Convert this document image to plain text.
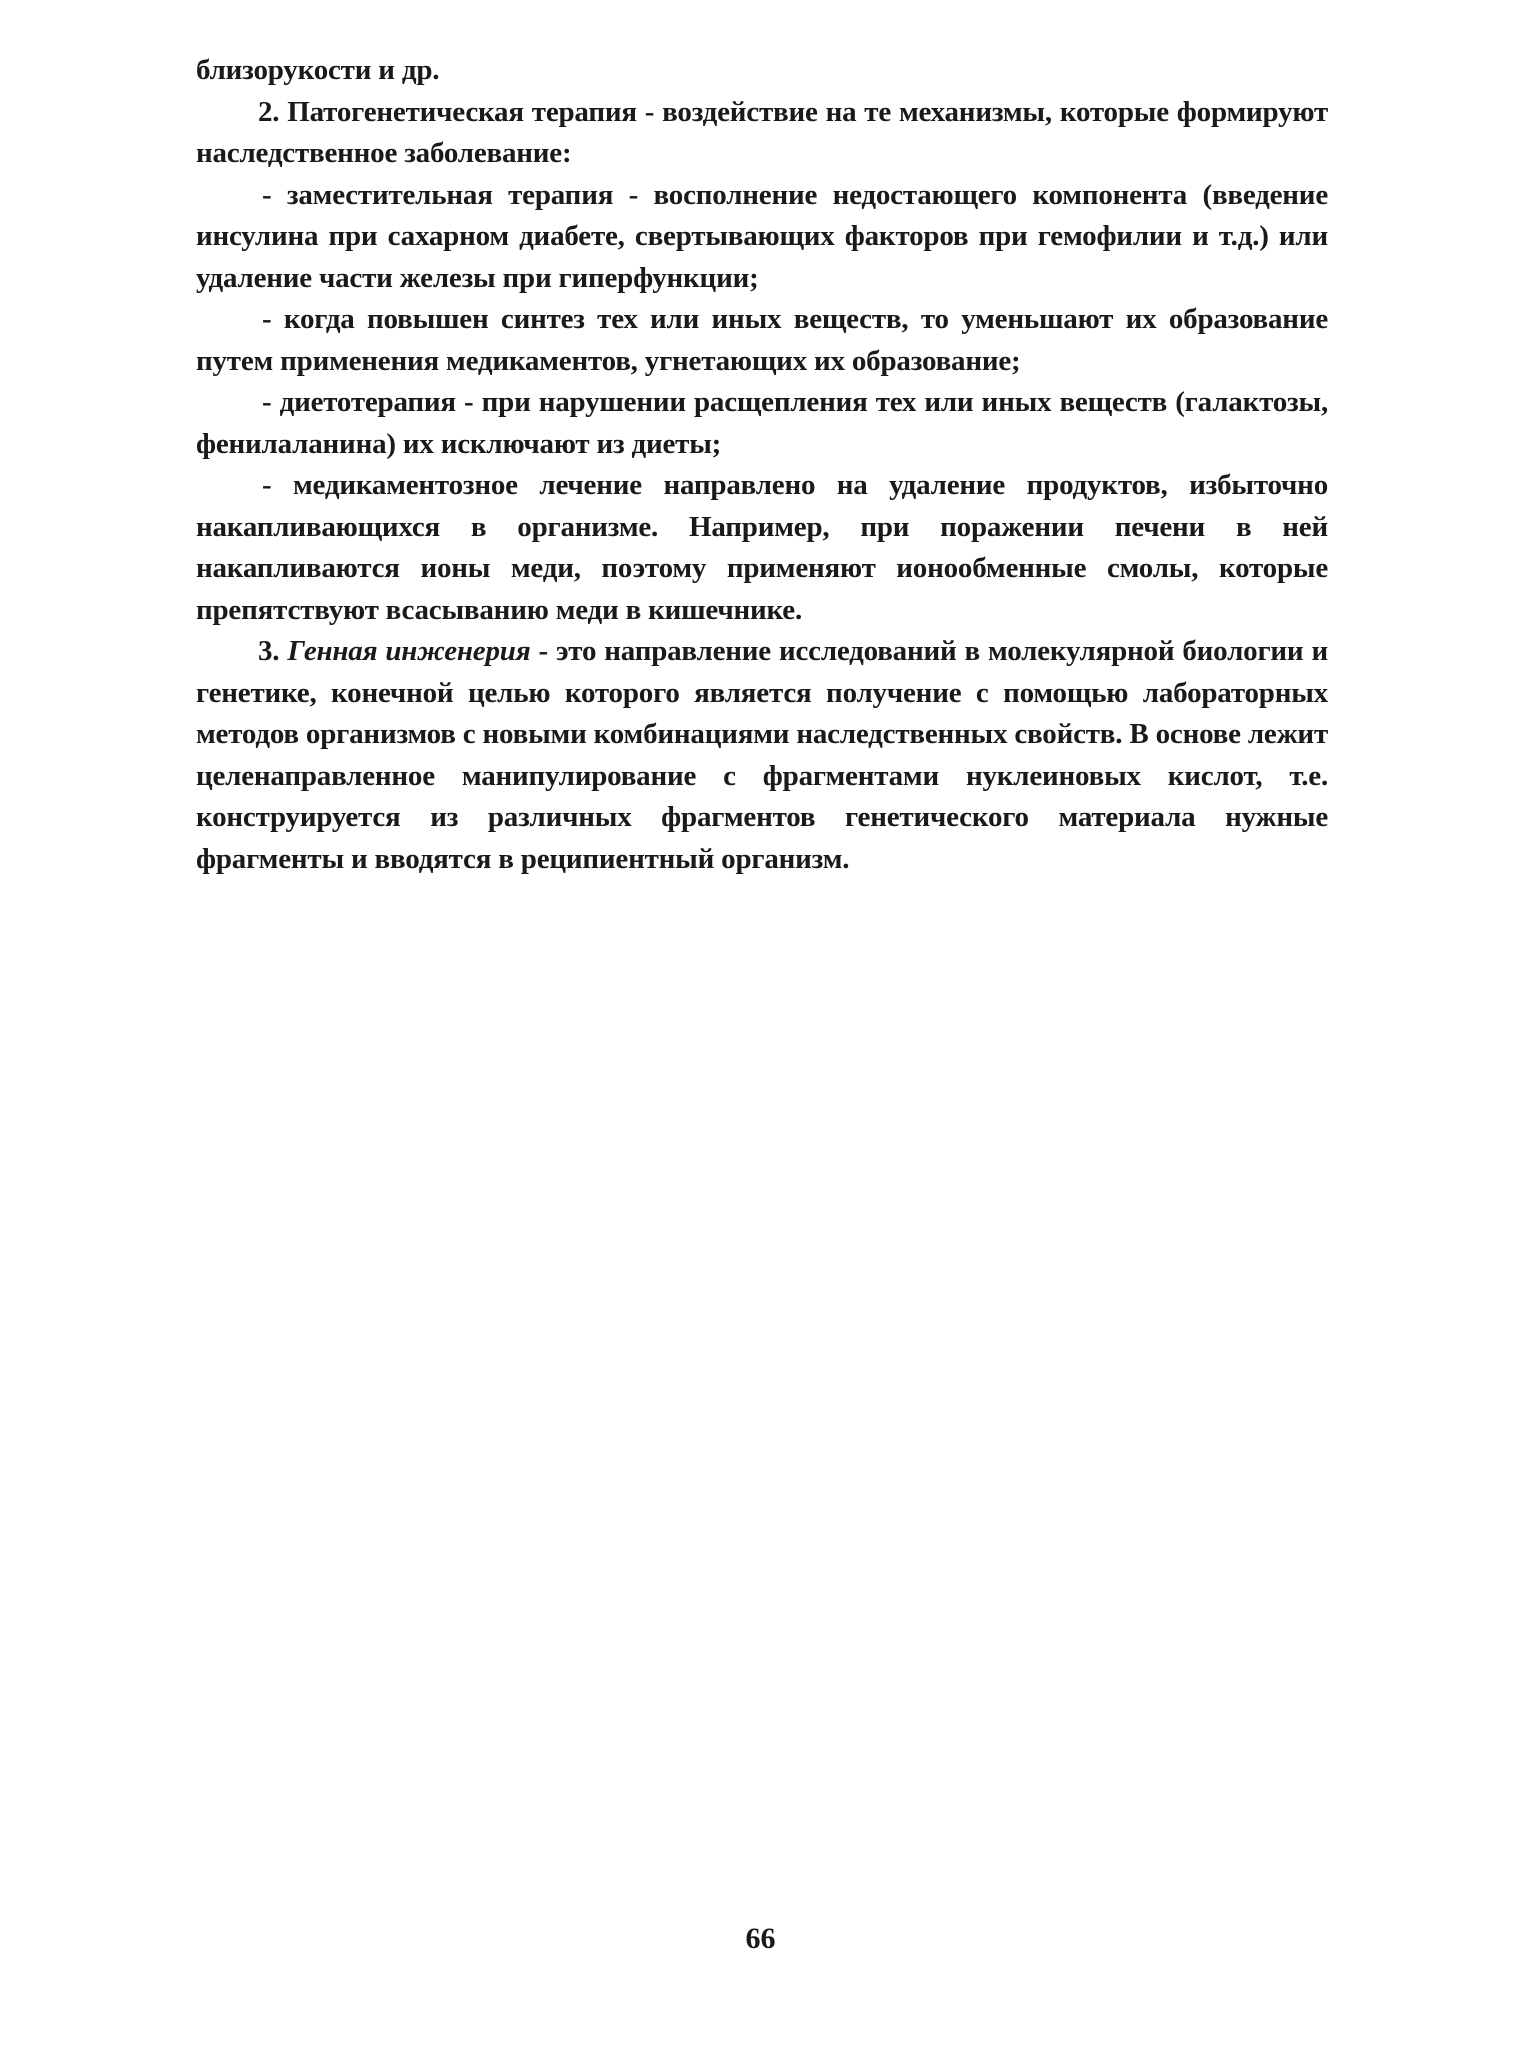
близорукости и др.

2. Патогенетическая терапия - воздействие на те механизмы, которые формируют наследственное заболевание:

- заместительная терапия - восполнение недостающего компонента (введение инсулина при сахарном диабете, свертывающих факторов при гемофилии и т.д.) или удаление части железы при гиперфункции;

- когда повышен синтез тех или иных веществ, то уменьшают их образование путем применения медикаментов, угнетающих их образование;

- диетотерапия - при нарушении расщепления тех или иных веществ (галактозы, фенилаланина) их исключают из диеты;

- медикаментозное лечение направлено на удаление продуктов, избыточно накапливающихся в организме. Например, при поражении печени в ней накапливаются ионы меди, поэтому применяют ионообменные смолы, которые препятствуют всасыванию меди в кишечнике.

3. Генная инженерия - это направление исследований в молекулярной биологии и генетике, конечной целью которого является получение с помощью лабораторных методов организмов с новыми комбинациями наследственных свойств. В основе лежит целенаправленное манипулирование с фрагментами нуклеиновых кислот, т.е. конструируется из различных фрагментов генетического материала нужные фрагменты и вводятся в реципиентный организм.

66
